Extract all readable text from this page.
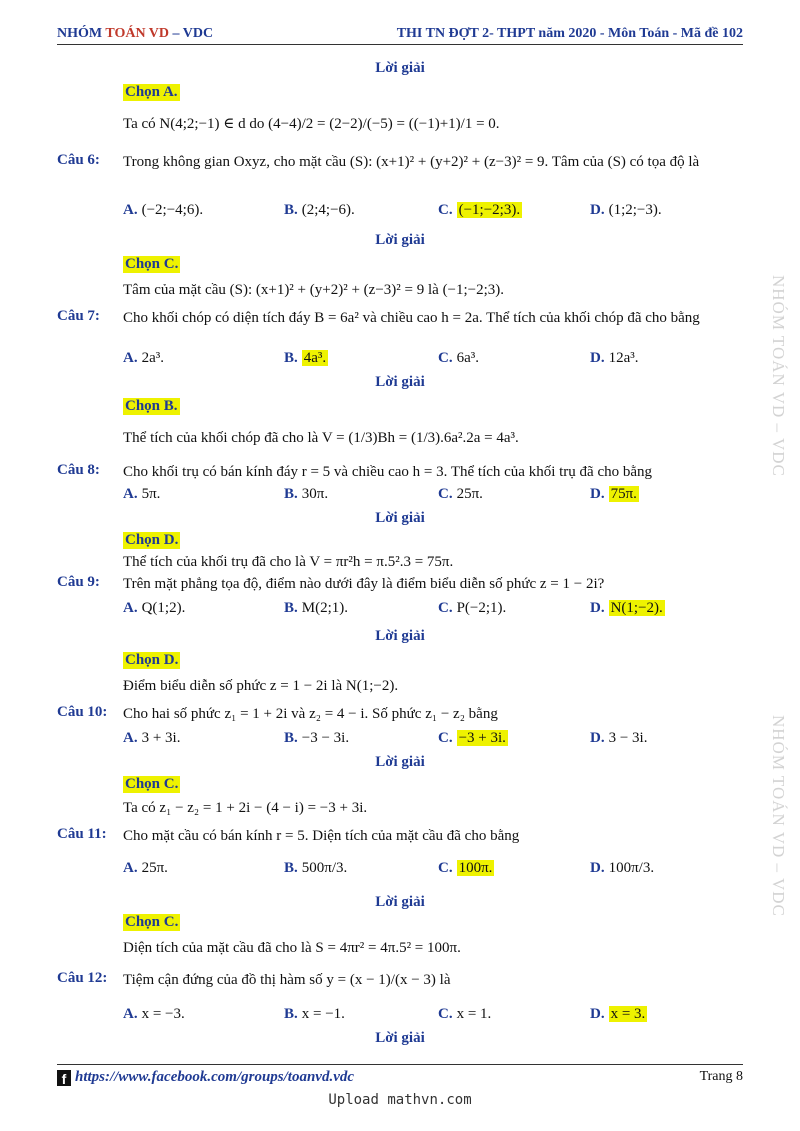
NHÓM TOÁN VD – VDC	THI TN ĐỢT 2- THPT năm 2020 - Môn Toán - Mã đề 102
NHÓM TOÁN VD – VDC
NHÓM TOÁN VD – VDC
Lời giải
Chọn A.
Ta có N(4;2;−1) ∈ d do (4−4)/2 = (2−2)/(−5) = ((−1)+1)/1 = 0.
Câu 6: Trong không gian Oxyz, cho mặt cầu (S): (x+1)² + (y+2)² + (z−3)² = 9. Tâm của (S) có tọa độ là
A. (−2;−4;6).	B. (2;4;−6).	C. (−1;−2;3).	D. (1;2;−3).
Lời giải
Chọn C.
Tâm của mặt cầu (S): (x+1)² + (y+2)² + (z−3)² = 9 là (−1;−2;3).
Câu 7: Cho khối chóp có diện tích đáy B = 6a² và chiều cao h = 2a. Thể tích của khối chóp đã cho bằng
A. 2a³.	B. 4a³.	C. 6a³.	D. 12a³.
Lời giải
Chọn B.
Thể tích của khối chóp đã cho là V = (1/3)Bh = (1/3).6a².2a = 4a³.
Câu 8: Cho khối trụ có bán kính đáy r = 5 và chiều cao h = 3. Thể tích của khối trụ đã cho bằng
A. 5π.	B. 30π.	C. 25π.	D. 75π.
Lời giải
Chọn D.
Thể tích của khối trụ đã cho là V = πr²h = π.5².3 = 75π.
Câu 9: Trên mặt phẳng tọa độ, điểm nào dưới đây là điểm biểu diễn số phức z = 1 − 2i?
A. Q(1;2).	B. M(2;1).	C. P(−2;1).	D. N(1;−2).
Lời giải
Chọn D.
Điểm biểu diễn số phức z = 1 − 2i là N(1;−2).
Câu 10: Cho hai số phức z₁ = 1 + 2i và z₂ = 4 − i. Số phức z₁ − z₂ bằng
A. 3 + 3i.	B. −3 − 3i.	C. −3 + 3i.	D. 3 − 3i.
Lời giải
Chọn C.
Ta có z₁ − z₂ = 1 + 2i − (4 − i) = −3 + 3i.
Câu 11: Cho mặt cầu có bán kính r = 5. Diện tích của mặt cầu đã cho bằng
A. 25π.	B. 500π/3.	C. 100π.	D. 100π/3.
Lời giải
Chọn C.
Diện tích của mặt cầu đã cho là S = 4πr² = 4π.5² = 100π.
Câu 12: Tiệm cận đứng của đồ thị hàm số y = (x − 1)/(x − 3) là
A. x = −3.	B. x = −1.	C. x = 1.	D. x = 3.
Lời giải
f https://www.facebook.com/groups/toanvd.vdc	Trang 8
Upload mathvn.com
